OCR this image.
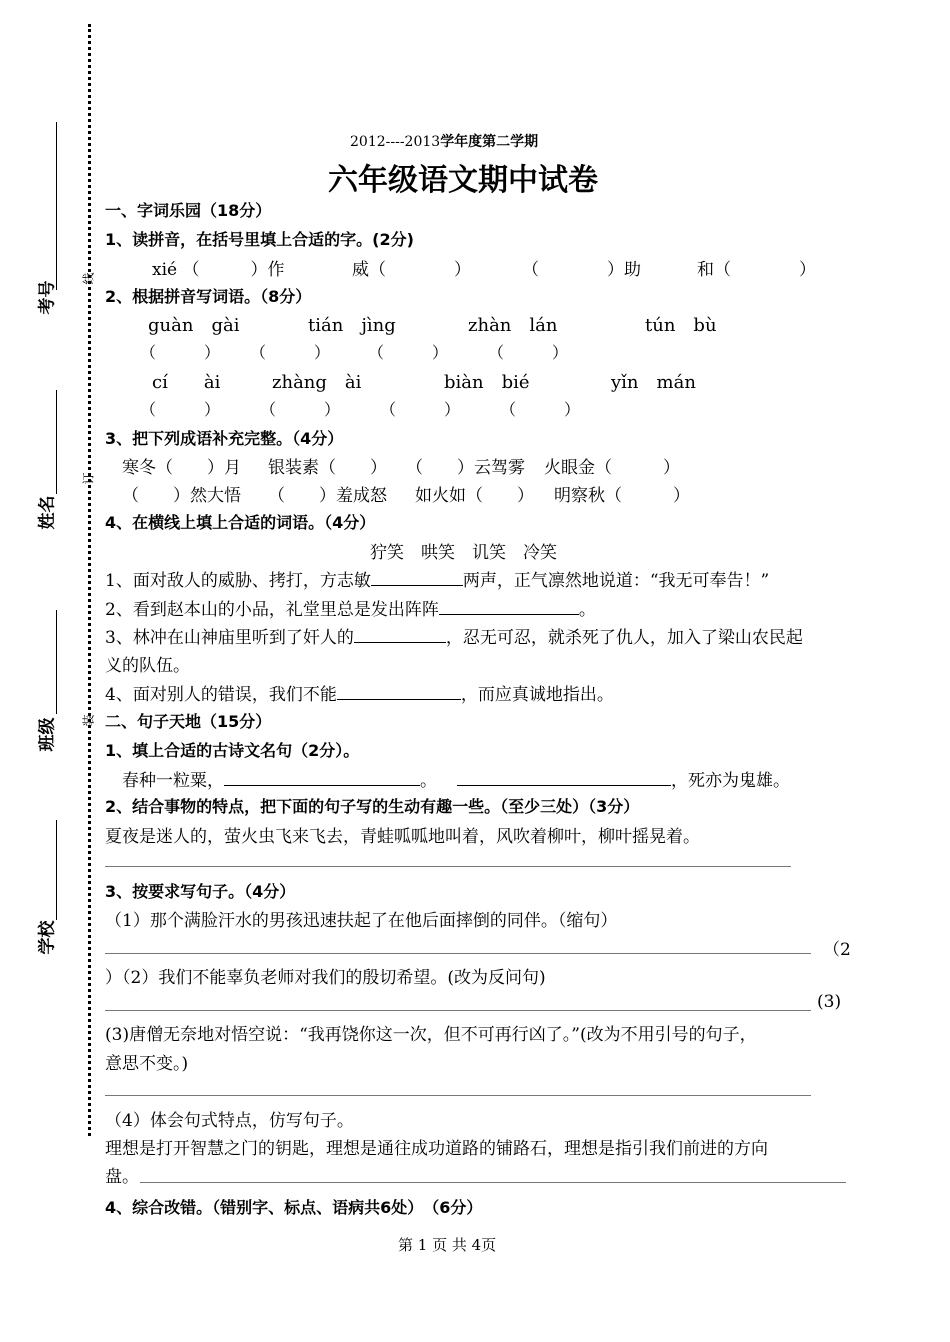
考号
姓名
班级
学校
线
订
装
2012----2013学年度第二学期
六年级语文期中试卷
一、字词乐园（18分）
1、读拼音，在括号里填上合适的字。(2分)
xié （　　　）作	威（　　　　）	（　　　　）助	和（　　　　）
2、根据拼音写词语。（8分）
guàn　gài	tián　jìng	zhàn　lán	tún　bù
（　　　） （　　　） （　　　） （　　　）
cí　　ài	zhàng　ài	biàn　bié	yǐn　mán
（　　　） （　　　） （　　　） （　　　）
3、把下列成语补充完整。（4分）
寒冬（　　）月 银装素（　　） （　　）云驾雾 火眼金（　　　）
（　　）然大悟 （　　）羞成怒 如火如（　　） 明察秋（　　　）
4、在横线上填上合适的词语。（4分）
狞笑　哄笑　讥笑　冷笑
1、面对敌人的威胁、拷打，方志敏	两声，正气凛然地说道：“我无可奉告！”
2、看到赵本山的小品，礼堂里总是发出阵阵	。
3、林冲在山神庙里听到了奸人的	，忍无可忍，就杀死了仇人，加入了梁山农民起
义的队伍。
4、面对别人的错误，我们不能	，而应真诚地指出。
二、句子天地（15分）
1、填上合适的古诗文名句（2分）。
春种一粒粟，	。	，死亦为鬼雄。
2、结合事物的特点，把下面的句子写的生动有趣一些。（至少三处）（3分）
夏夜是迷人的，萤火虫飞来飞去，青蛙呱呱地叫着，风吹着柳叶，柳叶摇晃着。
3、按要求写句子。（4分）
（1）那个满脸汗水的男孩迅速扶起了在他后面摔倒的同伴。（缩句）
（2
）（2）我们不能辜负老师对我们的殷切希望。(改为反问句)
(3)
(3)唐僧无奈地对悟空说：“我再饶你这一次，但不可再行凶了。”(改为不用引号的句子，
意思不变。)
（4）体会句式特点，仿写句子。
理想是打开智慧之门的钥匙，理想是通往成功道路的铺路石，理想是指引我们前进的方向
盘。
4、综合改错。（错别字、标点、语病共6处）　（6分）
第 1 页 共 4页
